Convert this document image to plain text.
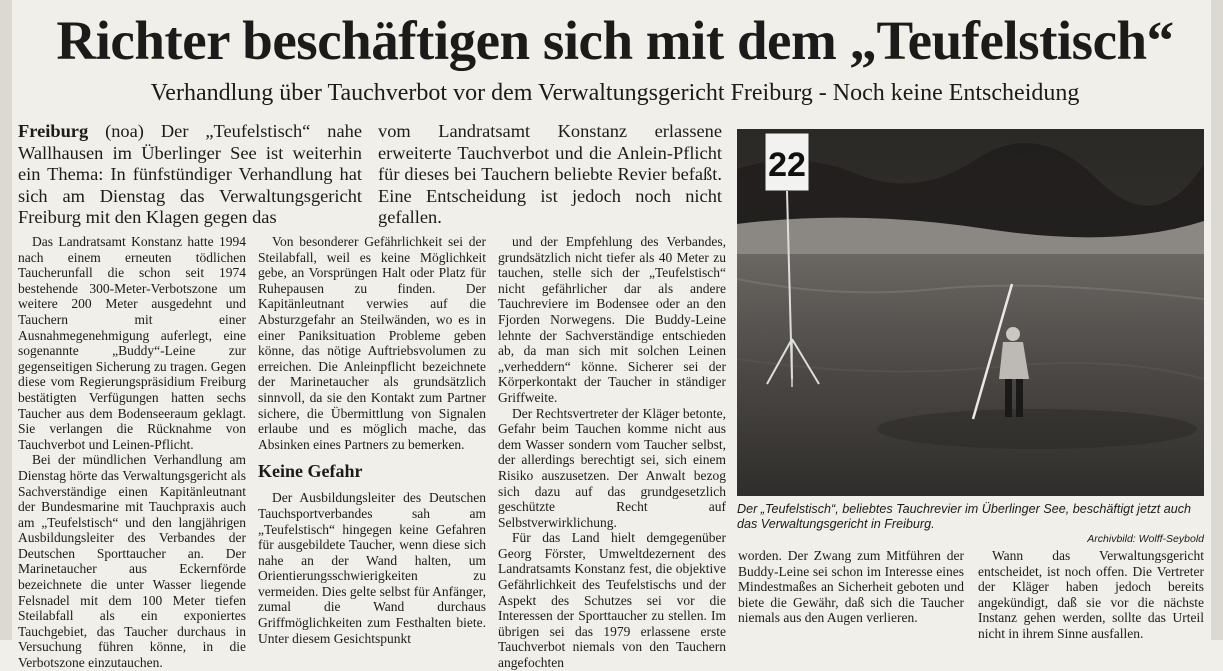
Richter beschäftigen sich mit dem „Teufelstisch“
Verhandlung über Tauchverbot vor dem Verwaltungsgericht Freiburg - Noch keine Entscheidung

Freiburg (noa) Der „Teufelstisch“ nahe Wallhausen im Überlinger See ist weiterhin ein Thema: In fünfstündiger Verhandlung hat sich am Dienstag das Verwaltungsgericht Freiburg mit den Klagen gegen das

vom Landratsamt Konstanz erlassene erweiterte Tauchverbot und die Anlein-Pflicht für dieses bei Tauchern beliebte Revier befaßt. Eine Entscheidung ist jedoch noch nicht gefallen.

Das Landratsamt Konstanz hatte 1994 nach einem erneuten tödlichen Taucherunfall die schon seit 1974 bestehende 300-Meter-Verbotszone um weitere 200 Meter ausgedehnt und Tauchern mit einer Ausnahmegenehmigung auferlegt, eine sogenannte „Buddy“-Leine zur gegenseitigen Sicherung zu tragen. Gegen diese vom Regierungspräsidium Freiburg bestätigten Verfügungen hatten sechs Taucher aus dem Bodenseeraum geklagt. Sie verlangen die Rücknahme von Tauchverbot und Leinen-Pflicht.

Bei der mündlichen Verhandlung am Dienstag hörte das Verwaltungsgericht als Sachverständige einen Kapitänleutnant der Bundesmarine mit Tauchpraxis auch am „Teufelstisch“ und den langjährigen Ausbildungsleiter des Verbandes der Deutschen Sporttaucher an. Der Marinetaucher aus Eckernförde bezeichnete die unter Wasser liegende Felsnadel mit dem 100 Meter tiefen Steilabfall als ein exponiertes Tauchgebiet, das Taucher durchaus in Versuchung führen könne, in die Verbotszone einzutauchen.

Von besonderer Gefährlichkeit sei der Steilabfall, weil es keine Möglichkeit gebe, an Vorsprüngen Halt oder Platz für Ruhepausen zu finden. Der Kapitänleutnant verwies auf die Absturzgefahr an Steilwänden, wo es in einer Paniksituation Probleme geben könne, das nötige Auftriebsvolumen zu erreichen. Die Anleinpflicht bezeichnete der Marinetaucher als grundsätzlich sinnvoll, da sie den Kontakt zum Partner sichere, die Übermittlung von Signalen erlaube und es möglich mache, das Absinken eines Partners zu bemerken.

Keine Gefahr

Der Ausbildungsleiter des Deutschen Tauchsportverbandes sah am „Teufelstisch“ hingegen keine Gefahren für ausgebildete Taucher, wenn diese sich nahe an der Wand halten, um Orientierungsschwierigkeiten zu vermeiden. Dies gelte selbst für Anfänger, zumal die Wand durchaus Griffmöglichkeiten zum Festhalten biete. Unter diesem Gesichtspunkt

und der Empfehlung des Verbandes, grundsätzlich nicht tiefer als 40 Meter zu tauchen, stelle sich der „Teufelstisch“ nicht gefährlicher dar als andere Tauchreviere im Bodensee oder an den Fjorden Norwegens. Die Buddy-Leine lehnte der Sachverständige entschieden ab, da man sich mit solchen Leinen „verheddern“ könne. Sicherer sei der Körperkontakt der Taucher in ständiger Griffweite.

Der Rechtsvertreter der Kläger betonte, Gefahr beim Tauchen komme nicht aus dem Wasser sondern vom Taucher selbst, der allerdings berechtigt sei, sich einem Risiko auszusetzen. Der Anwalt bezog sich dazu auf das grundgesetzlich geschützte Recht auf Selbstverwirklichung.

Für das Land hielt demgegenüber Georg Förster, Umweltdezernent des Landratsamts Konstanz fest, die objektive Gefährlichkeit des Teufelstischs und der Aspekt des Schutzes sei vor die Interessen der Sporttaucher zu stellen. Im übrigen sei das 1979 erlassene erste Tauchverbot niemals von den Tauchern angefochten

worden. Der Zwang zum Mitführen der Buddy-Leine sei schon im Interesse eines Mindestmaßes an Sicherheit geboten und biete die Gewähr, daß sich die Taucher niemals aus den Augen verlieren.

Wann das Verwaltungsgericht entscheidet, ist noch offen. Die Vertreter der Kläger haben jedoch bereits angekündigt, daß sie vor die nächste Instanz gehen werden, sollte das Urteil nicht in ihrem Sinne ausfallen.

22
Der „Teufelstisch“, beliebtes Tauchrevier im Überlinger See, beschäftigt jetzt auch das Verwaltungsgericht in Freiburg.
Archivbild: Wolff-Seybold
